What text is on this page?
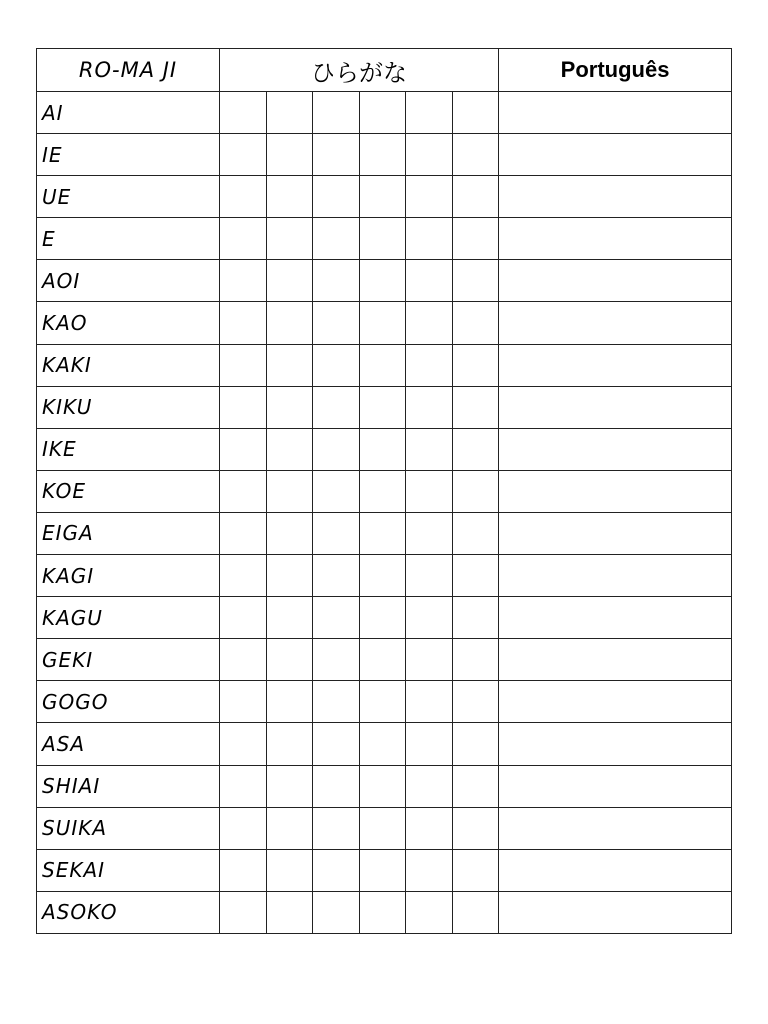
RO-MA JI	ひらがな						Português
AI							
IE							
UE							
E							
AOI							
KAO							
KAKI							
KIKU							
IKE							
KOE							
EIGA							
KAGI							
KAGU							
GEKI							
GOGO							
ASA							
SHIAI							
SUIKA							
SEKAI							
ASOKO							
